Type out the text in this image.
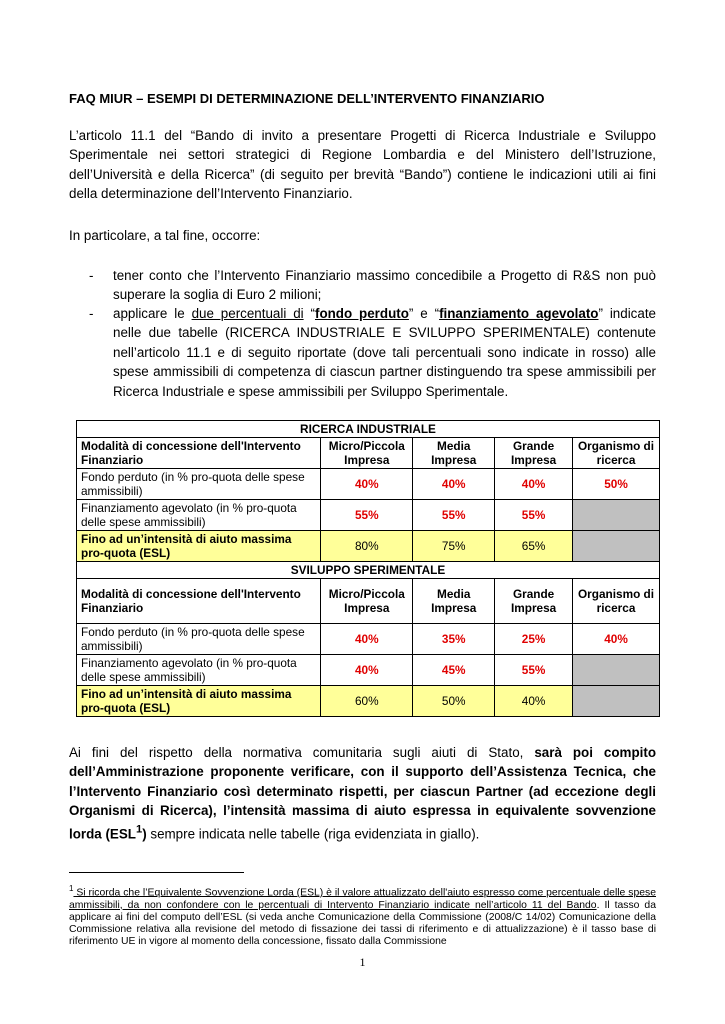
FAQ MIUR – ESEMPI DI DETERMINAZIONE DELL’INTERVENTO FINANZIARIO
L’articolo 11.1 del “Bando di invito a presentare Progetti di Ricerca Industriale e Sviluppo Sperimentale nei settori strategici di Regione Lombardia e del Ministero dell’Istruzione, dell’Università e della Ricerca” (di seguito per brevità “Bando”) contiene le indicazioni utili ai fini della determinazione dell’Intervento Finanziario.
In particolare, a tal fine, occorre:
- tener conto che l’Intervento Finanziario massimo concedibile a Progetto di R&S non può superare la soglia di Euro 2 milioni;
- applicare le due percentuali di “fondo perduto” e “finanziamento agevolato” indicate nelle due tabelle (RICERCA INDUSTRIALE E SVILUPPO SPERIMENTALE) contenute nell’articolo 11.1 e di seguito riportate (dove tali percentuali sono indicate in rosso) alle spese ammissibili di competenza di ciascun partner distinguendo tra spese ammissibili per Ricerca Industriale e spese ammissibili per Sviluppo Sperimentale.
RICERCA INDUSTRIALE				
Modalità di concessione dell'Intervento Finanziario	Micro/Piccola Impresa	Media Impresa	Grande Impresa	Organismo di ricerca
Fondo perduto (in % pro-quota delle spese ammissibili)	40%	40%	40%	50%
Finanziamento agevolato (in % pro-quota delle spese ammissibili)	55%	55%	55%	
Fino ad un’intensità di aiuto massima pro-quota (ESL)	80%	75%	65%	
SVILUPPO SPERIMENTALE				
Modalità di concessione dell'Intervento Finanziario	Micro/Piccola Impresa	Media Impresa	Grande Impresa	Organismo di ricerca
Fondo perduto (in % pro-quota delle spese ammissibili)	40%	35%	25%	40%
Finanziamento agevolato (in % pro-quota delle spese ammissibili)	40%	45%	55%	
Fino ad un’intensità di aiuto massima pro-quota (ESL)	60%	50%	40%	
Ai fini del rispetto della normativa comunitaria sugli aiuti di Stato, sarà poi compito dell’Amministrazione proponente verificare, con il supporto dell’Assistenza Tecnica, che l’Intervento Finanziario così determinato rispetti, per ciascun Partner (ad eccezione degli Organismi di Ricerca), l’intensità massima di aiuto espressa in equivalente sovvenzione lorda (ESL$^1$) sempre indicata nelle tabelle (riga evidenziata in giallo).
$^1$ Si ricorda che l’Equivalente Sovvenzione Lorda (ESL) è il valore attualizzato dell'aiuto espresso come percentuale delle spese ammissibili, da non confondere con le percentuali di Intervento Finanziario indicate nell’articolo 11 del Bando. Il tasso da applicare ai fini del computo dell’ESL (si veda anche Comunicazione della Commissione (2008/C 14/02) Comunicazione della Commissione relativa alla revisione del metodo di fissazione dei tassi di riferimento e di attualizzazione) è il tasso base di riferimento UE in vigore al momento della concessione, fissato dalla Commissione
1
